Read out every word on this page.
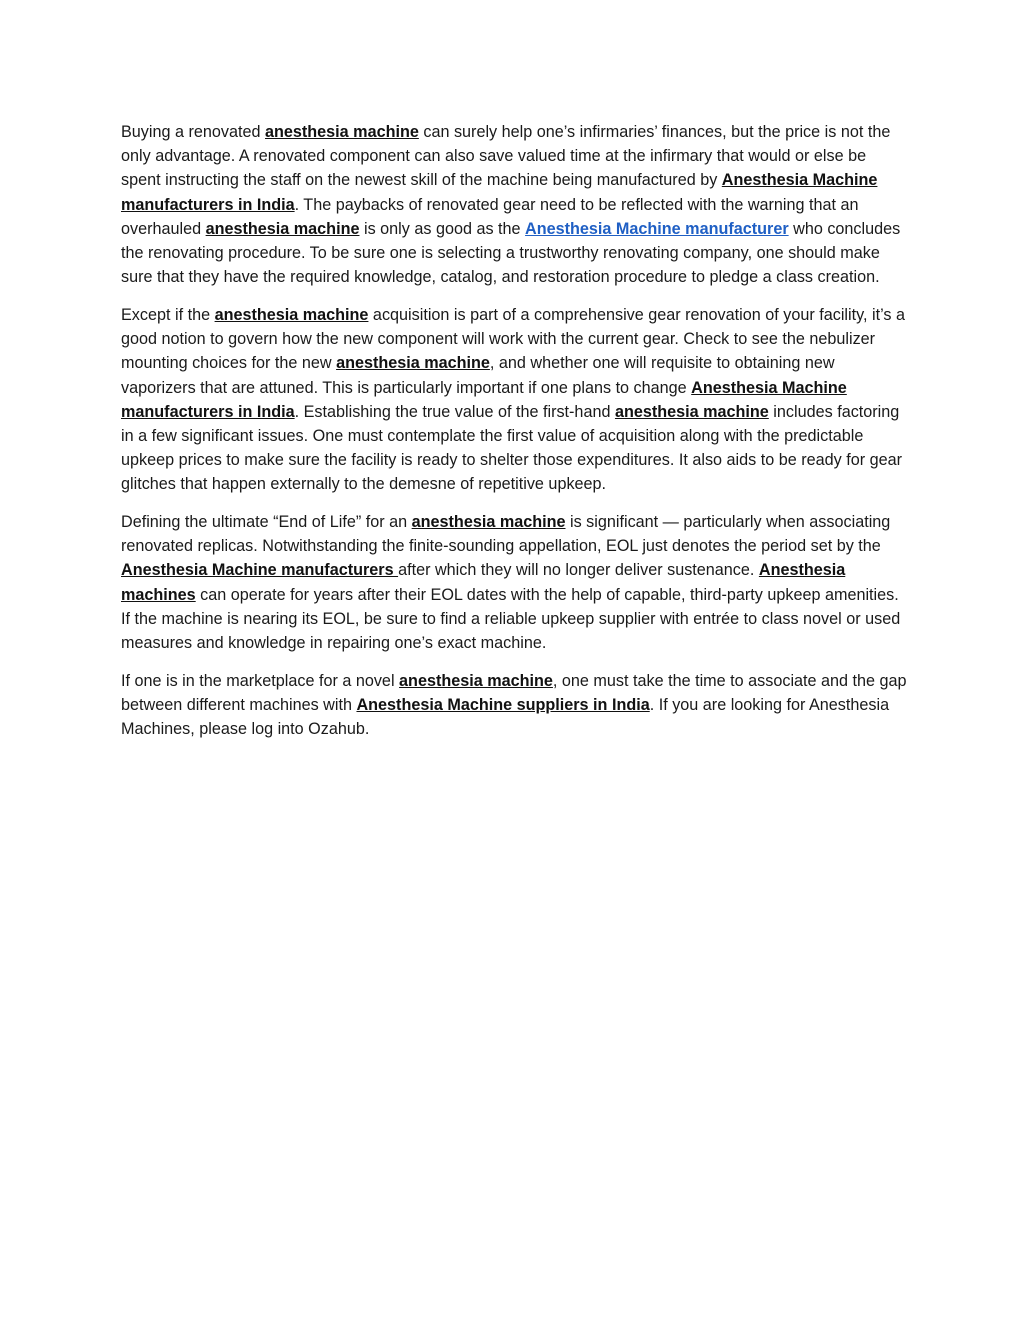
Buying a renovated anesthesia machine can surely help one’s infirmaries’ finances, but the price is not the only advantage. A renovated component can also save valued time at the infirmary that would or else be spent instructing the staff on the newest skill of the machine being manufactured by Anesthesia Machine manufacturers in India. The paybacks of renovated gear need to be reflected with the warning that an overhauled anesthesia machine is only as good as the Anesthesia Machine manufacturer who concludes the renovating procedure. To be sure one is selecting a trustworthy renovating company, one should make sure that they have the required knowledge, catalog, and restoration procedure to pledge a class creation.

Except if the anesthesia machine acquisition is part of a comprehensive gear renovation of your facility, it’s a good notion to govern how the new component will work with the current gear. Check to see the nebulizer mounting choices for the new anesthesia machine, and whether one will requisite to obtaining new vaporizers that are attuned. This is particularly important if one plans to change Anesthesia Machine manufacturers in India. Establishing the true value of the first-hand anesthesia machine includes factoring in a few significant issues. One must contemplate the first value of acquisition along with the predictable upkeep prices to make sure the facility is ready to shelter those expenditures. It also aids to be ready for gear glitches that happen externally to the demesne of repetitive upkeep.

Defining the ultimate “End of Life” for an anesthesia machine is significant — particularly when associating renovated replicas. Notwithstanding the finite-sounding appellation, EOL just denotes the period set by the Anesthesia Machine manufacturers after which they will no longer deliver sustenance. Anesthesia machines can operate for years after their EOL dates with the help of capable, third-party upkeep amenities. If the machine is nearing its EOL, be sure to find a reliable upkeep supplier with entrée to class novel or used measures and knowledge in repairing one’s exact machine.

If one is in the marketplace for a novel anesthesia machine, one must take the time to associate and the gap between different machines with Anesthesia Machine suppliers in India. If you are looking for Anesthesia Machines, please log into Ozahub.
